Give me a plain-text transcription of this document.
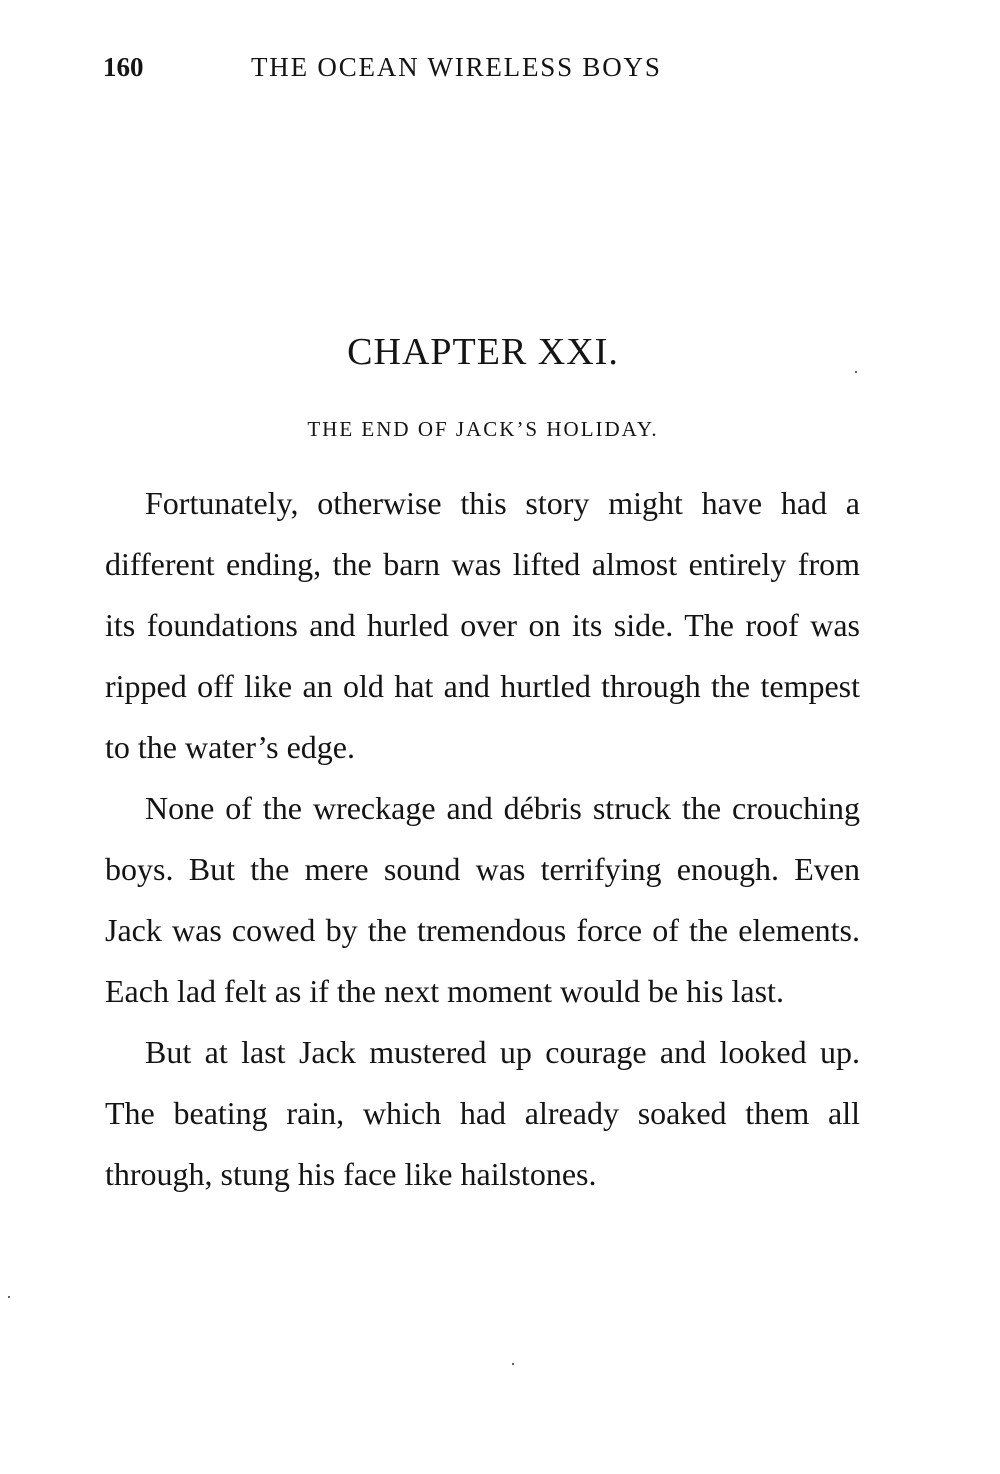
160	THE OCEAN WIRELESS BOYS
CHAPTER XXI.
THE END OF JACK’S HOLIDAY.

Fortunately, otherwise this story might have had a different ending, the barn was lifted almost entirely from its foundations and hurled over on its side. The roof was ripped off like an old hat and hurtled through the tempest to the water’s edge.

None of the wreckage and débris struck the crouching boys. But the mere sound was terrifying enough. Even Jack was cowed by the tremendous force of the elements. Each lad felt as if the next moment would be his last.

But at last Jack mustered up courage and looked up. The beating rain, which had already soaked them all through, stung his face like hailstones.
